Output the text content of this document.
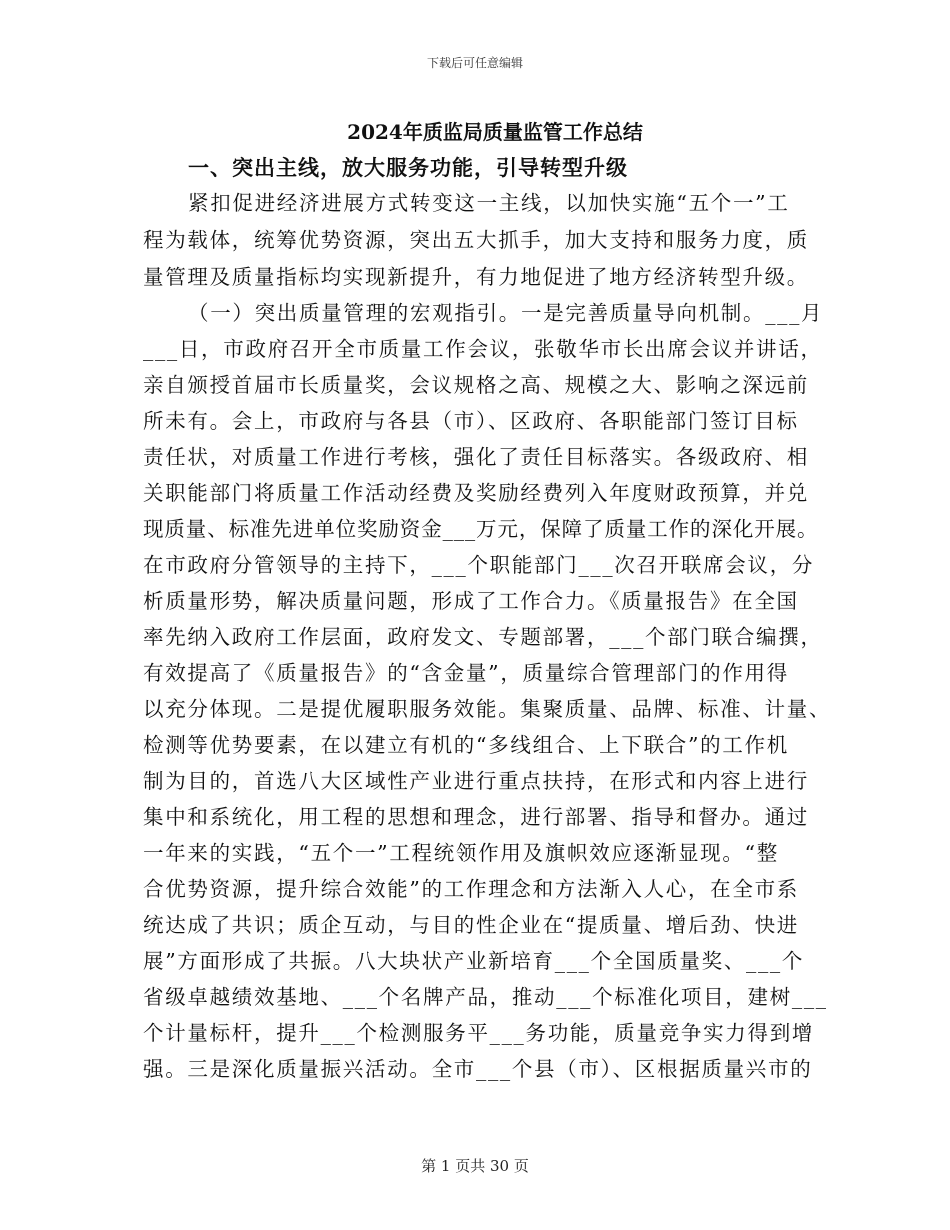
下载后可任意编辑
2024年质监局质量监管工作总结
一、突出主线，放大服务功能，引导转型升级
紧扣促进经济进展方式转变这一主线，以加快实施“五个一”工
程为载体，统筹优势资源，突出五大抓手，加大支持和服务力度，质
量管理及质量指标均实现新提升，有力地促进了地方经济转型升级。
（一）突出质量管理的宏观指引。一是完善质量导向机制。___月
___日，市政府召开全市质量工作会议，张敬华市长出席会议并讲话，
亲自颁授首届市长质量奖，会议规格之高、规模之大、影响之深远前
所未有。会上，市政府与各县（市）、区政府、各职能部门签订目标
责任状，对质量工作进行考核，强化了责任目标落实。各级政府、相
关职能部门将质量工作活动经费及奖励经费列入年度财政预算，并兑
现质量、标准先进单位奖励资金___万元，保障了质量工作的深化开展。
在市政府分管领导的主持下，___个职能部门___次召开联席会议，分
析质量形势，解决质量问题，形成了工作合力。《质量报告》在全国
率先纳入政府工作层面，政府发文、专题部署，___个部门联合编撰，
有效提高了《质量报告》的“含金量”，质量综合管理部门的作用得
以充分体现。二是提优履职服务效能。集聚质量、品牌、标准、计量、
检测等优势要素，在以建立有机的“多线组合、上下联合”的工作机
制为目的，首选八大区域性产业进行重点扶持，在形式和内容上进行
集中和系统化，用工程的思想和理念，进行部署、指导和督办。通过
一年来的实践，“五个一”工程统领作用及旗帜效应逐渐显现。“整
合优势资源，提升综合效能”的工作理念和方法渐入人心，在全市系
统达成了共识；质企互动，与目的性企业在“提质量、增后劲、快进
展”方面形成了共振。八大块状产业新培育___个全国质量奖、___个
省级卓越绩效基地、___个名牌产品，推动___个标准化项目，建树___
个计量标杆，提升___个检测服务平___务功能，质量竞争实力得到增
强。三是深化质量振兴活动。全市___个县（市）、区根据质量兴市的
第 1 页共 30 页
